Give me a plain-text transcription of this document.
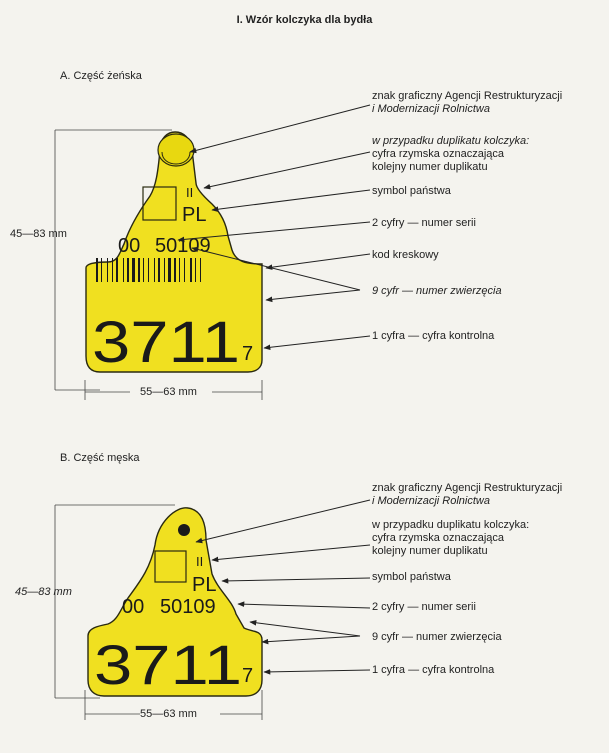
I. Wzór kolczyka dla bydła
II
PL
00 50109
3711 7
II
PL
00 50109
3711 7
A. Część żeńska
45—83 mm
55—63 mm
znak graficzny Agencji Restrukturyzacji
i Modernizacji Rolnictwa
w przypadku duplikatu kolczyka:
cyfra rzymska oznaczająca
kolejny numer duplikatu
symbol państwa
2 cyfry — numer serii
kod kreskowy
9 cyfr — numer zwierzęcia
1 cyfra — cyfra kontrolna
B. Część męska
45—83 mm
55—63 mm
znak graficzny Agencji Restrukturyzacji
i Modernizacji Rolnictwa
w przypadku duplikatu kolczyka:
cyfra rzymska oznaczająca
kolejny numer duplikatu
symbol państwa
2 cyfry — numer serii
9 cyfr — numer zwierzęcia
1 cyfra — cyfra kontrolna
